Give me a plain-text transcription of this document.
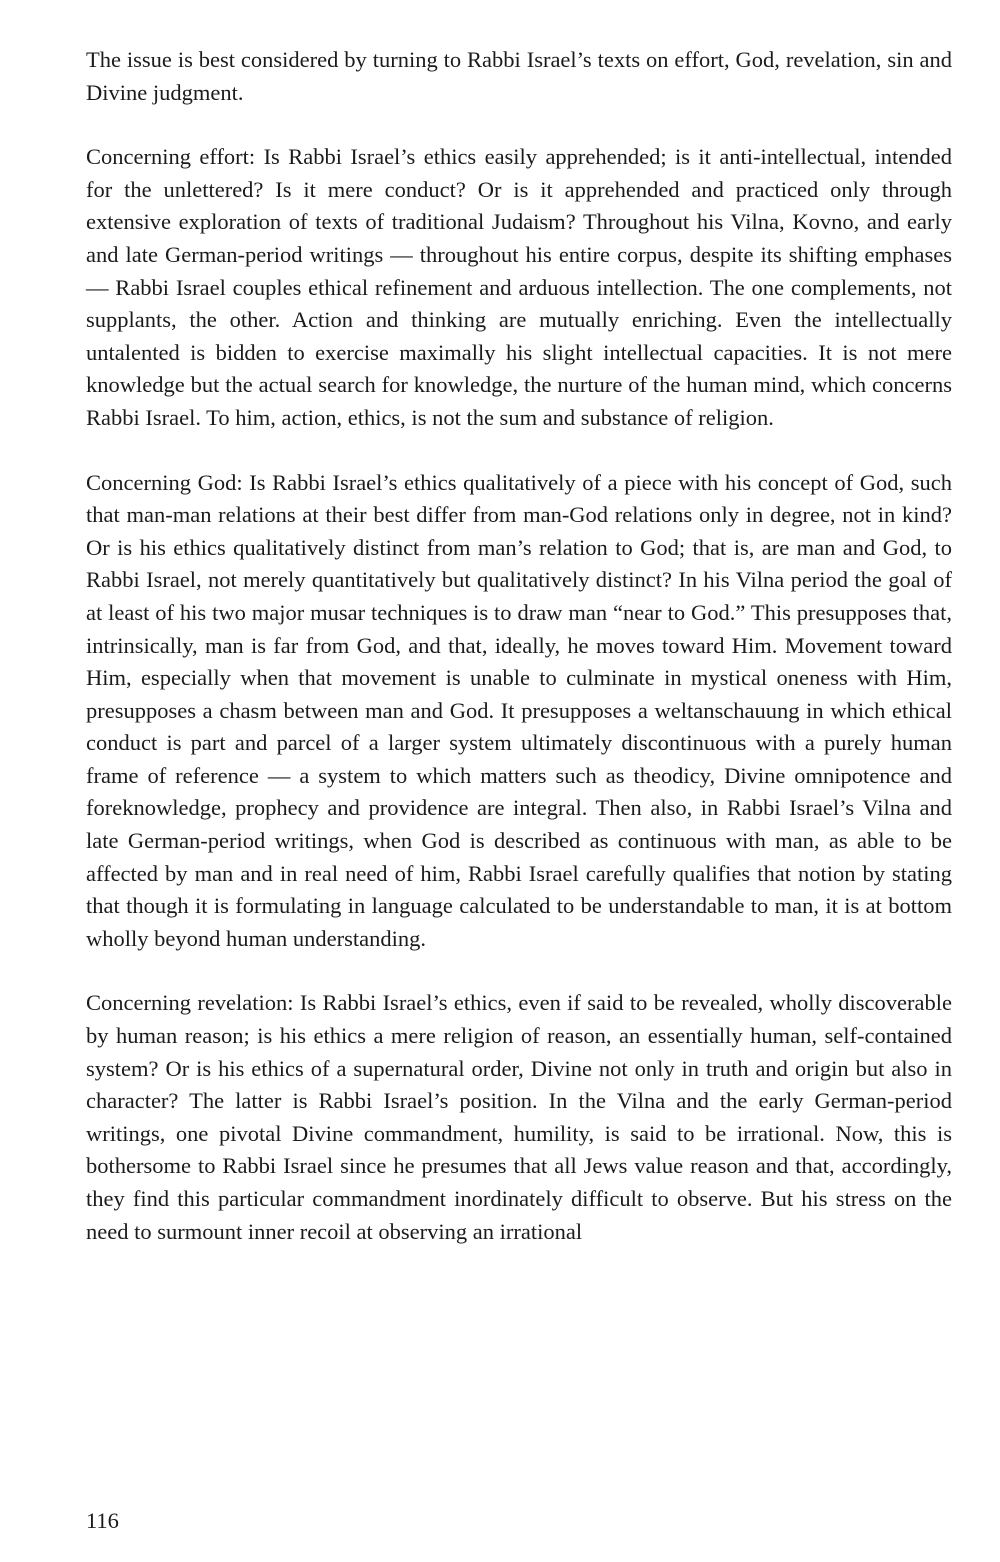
The issue is best considered by turning to Rabbi Israel’s texts on effort, God, revelation, sin and Divine judgment.

Concerning effort: Is Rabbi Israel’s ethics easily apprehended; is it anti-intellectual, intended for the unlettered? Is it mere conduct? Or is it apprehended and practiced only through extensive exploration of texts of traditional Judaism? Throughout his Vilna, Kovno, and early and late German-period writings — throughout his entire corpus, despite its shifting emphases — Rabbi Israel couples ethical refinement and arduous intellection. The one complements, not supplants, the other. Action and thinking are mutually enriching. Even the intellectually untalented is bidden to exercise maximally his slight intellectual capacities. It is not mere knowledge but the actual search for knowledge, the nurture of the human mind, which concerns Rabbi Israel. To him, action, ethics, is not the sum and substance of religion.

Concerning God: Is Rabbi Israel’s ethics qualitatively of a piece with his concept of God, such that man-man relations at their best differ from man-God relations only in degree, not in kind? Or is his ethics qualitatively distinct from man’s relation to God; that is, are man and God, to Rabbi Israel, not merely quantitatively but qualitatively distinct? In his Vilna period the goal of at least of his two major musar techniques is to draw man “near to God.” This presupposes that, intrinsically, man is far from God, and that, ideally, he moves toward Him. Movement toward Him, especially when that movement is unable to culminate in mystical oneness with Him, presupposes a chasm between man and God. It presupposes a weltanschauung in which ethical conduct is part and parcel of a larger system ultimately discontinuous with a purely human frame of reference — a system to which matters such as theodicy, Divine omnipotence and foreknowledge, prophecy and providence are integral. Then also, in Rabbi Israel’s Vilna and late German-period writings, when God is described as continuous with man, as able to be affected by man and in real need of him, Rabbi Israel carefully qualifies that notion by stating that though it is formulating in language calculated to be understandable to man, it is at bottom wholly beyond human understanding.

Concerning revelation: Is Rabbi Israel’s ethics, even if said to be revealed, wholly discoverable by human reason; is his ethics a mere religion of reason, an essentially human, self-contained system? Or is his ethics of a supernatural order, Divine not only in truth and origin but also in character? The latter is Rabbi Israel’s position. In the Vilna and the early German-period writings, one pivotal Divine commandment, humility, is said to be irrational. Now, this is bothersome to Rabbi Israel since he presumes that all Jews value reason and that, accordingly, they find this particular commandment inordinately difficult to observe. But his stress on the need to surmount inner recoil at observing an irrational

116
